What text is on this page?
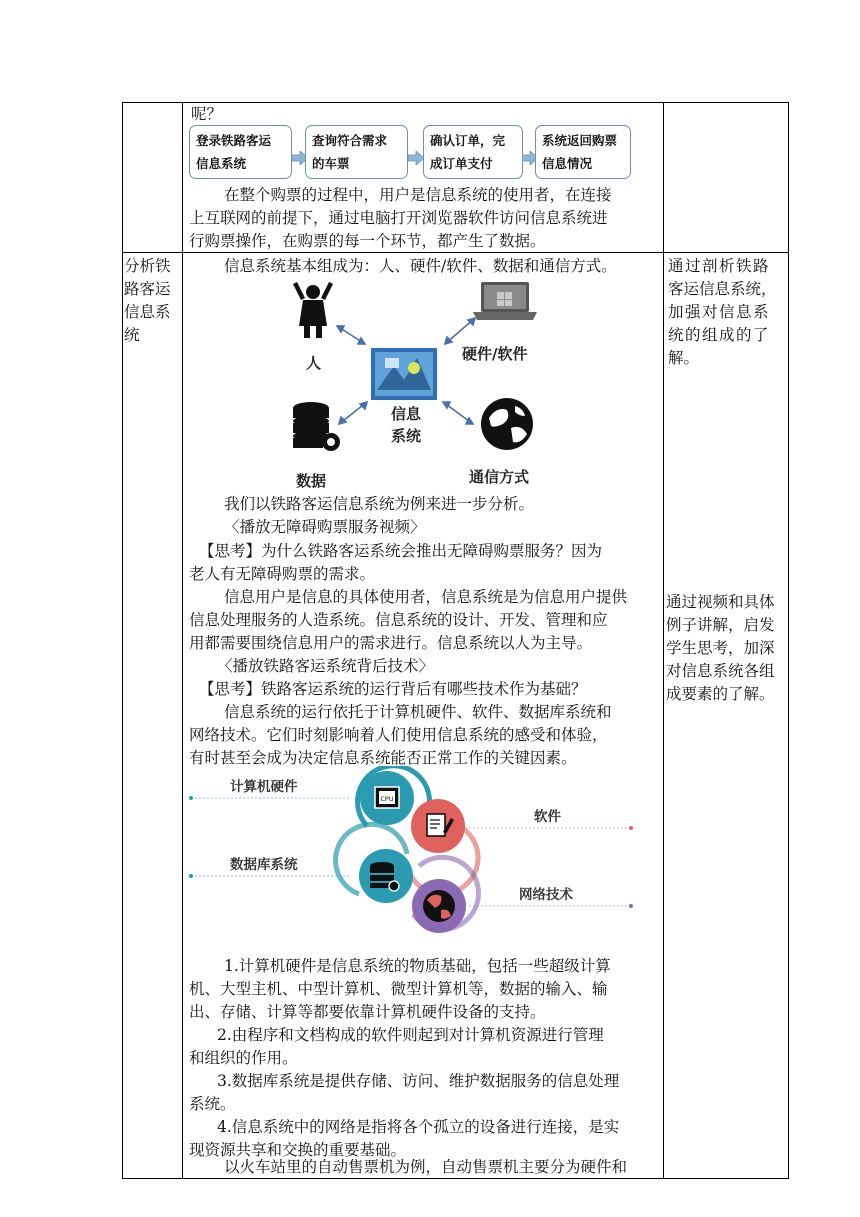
呢？
登录铁路客运
信息系统
查询符合需求
的车票
确认订单，完
成订单支付
系统返回购票
信息情况
在整个购票的过程中，用户是信息系统的使用者，在连接
上互联网的前提下，通过电脑打开浏览器软件访问信息系统进
行购票操作，在购票的每一个环节，都产生了数据。
分析铁
路客运
信息系
统
通过剖析铁路
客运信息系统，
加强对信息系
统的组成的了
解。
通过视频和具体
例子讲解，启发
学生思考，加深
对信息系统各组
成要素的了解。
信息系统基本组成为：人、硬件/软件、数据和通信方式。
人	硬件/软件
信息
系统
数据	通信方式
我们以铁路客运信息系统为例来进一步分析。
〈播放无障碍购票服务视频〉
【思考】为什么铁路客运系统会推出无障碍购票服务？因为
老人有无障碍购票的需求。
信息用户是信息的具体使用者，信息系统是为信息用户提供
信息处理服务的人造系统。信息系统的设计、开发、管理和应
用都需要围绕信息用户的需求进行。信息系统以人为主导。
〈播放铁路客运系统背后技术〉
【思考】铁路客运系统的运行背后有哪些技术作为基础？
信息系统的运行依托于计算机硬件、软件、数据库系统和
网络技术。它们时刻影响着人们使用信息系统的感受和体验，
有时甚至会成为决定信息系统能否正常工作的关键因素。
CPU
计算机硬件
软件
数据库系统
网络技术
1.计算机硬件是信息系统的物质基础，包括一些超级计算
机、大型主机、中型计算机、微型计算机等，数据的输入、输
出、存储、计算等都要依靠计算机硬件设备的支持。
2.由程序和文档构成的软件则起到对计算机资源进行管理
和组织的作用。
3.数据库系统是提供存储、访问、维护数据服务的信息处理
系统。
4.信息系统中的网络是指将各个孤立的设备进行连接，是实
现资源共享和交换的重要基础。
以火车站里的自动售票机为例，自动售票机主要分为硬件和
